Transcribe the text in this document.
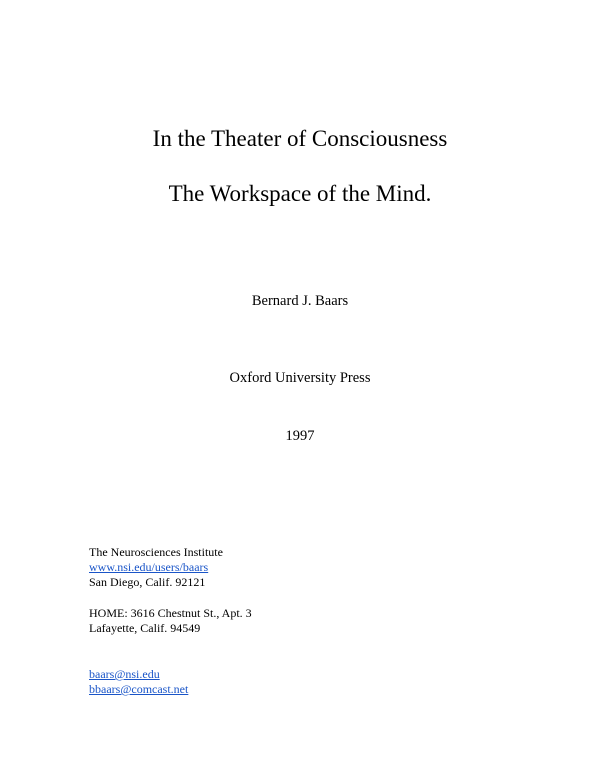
In the Theater of Consciousness
The Workspace of the Mind.
Bernard J. Baars
Oxford University Press
1997
The Neurosciences Institute
www.nsi.edu/users/baars
San Diego, Calif. 92121
HOME: 3616 Chestnut St., Apt. 3
Lafayette, Calif. 94549
baars@nsi.edu
bbaars@comcast.net
